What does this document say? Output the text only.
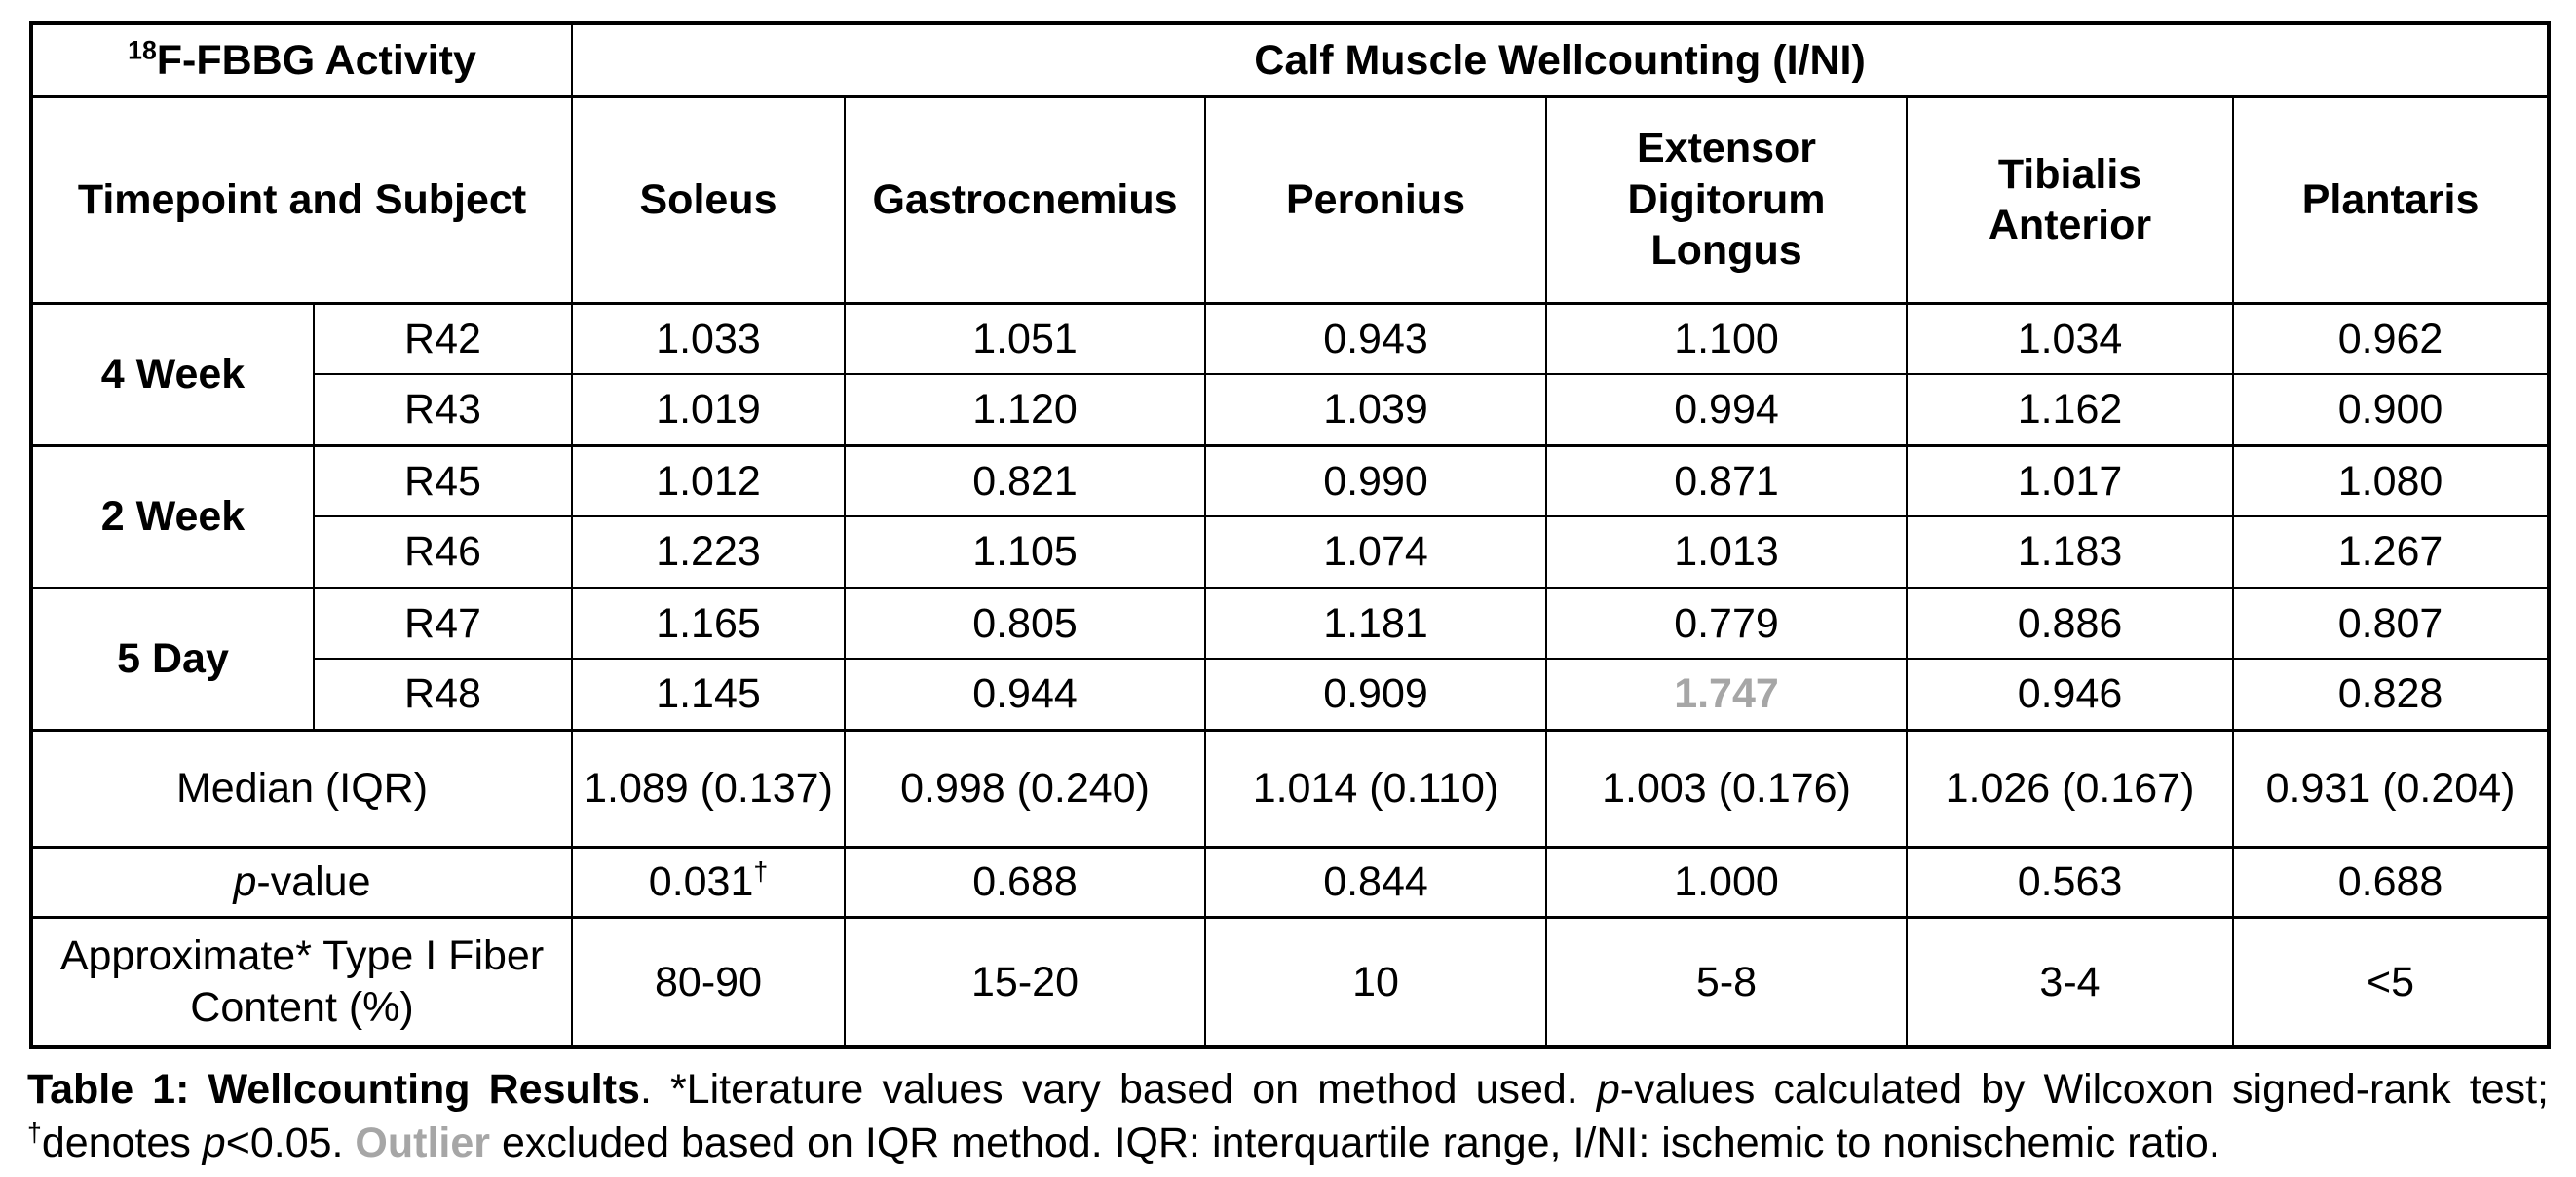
$^{18}$F-FBBG Activity		Calf Muscle Wellcounting (I/NI)					
Timepoint and Subject		Soleus	Gastrocnemius	Peronius	Extensor Digitorum Longus	Tibialis Anterior	Plantaris
4 Week	R42	1.033	1.051	0.943	1.100	1.034	0.962
	R43	1.019	1.120	1.039	0.994	1.162	0.900
2 Week	R45	1.012	0.821	0.990	0.871	1.017	1.080
	R46	1.223	1.105	1.074	1.013	1.183	1.267
5 Day	R47	1.165	0.805	1.181	0.779	0.886	0.807
	R48	1.145	0.944	0.909	1.747	0.946	0.828
Median (IQR)		1.089 (0.137)	0.998 (0.240)	1.014 (0.110)	1.003 (0.176)	1.026 (0.167)	0.931 (0.204)
p-value		0.031†	0.688	0.844	1.000	0.563	0.688
Approximate* Type I Fiber Content (%)		80-90	15-20	10	5-8	3-4	<5

Table 1: Wellcounting Results. *Literature values vary based on method used. p-values calculated by Wilcoxon signed-rank test; †denotes p<0.05. Outlier excluded based on IQR method. IQR: interquartile range, I/NI: ischemic to nonischemic ratio.
